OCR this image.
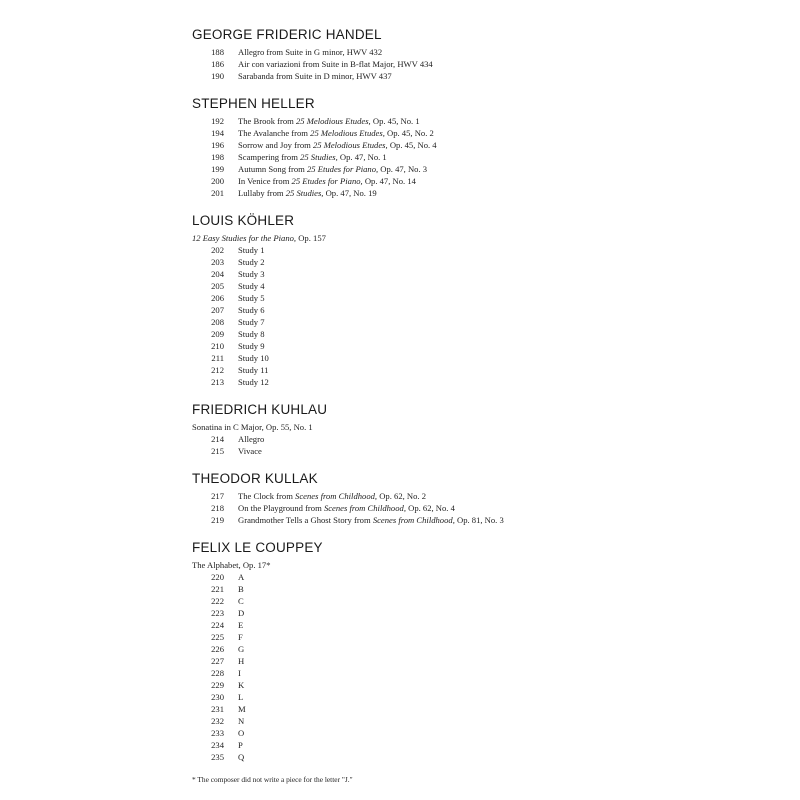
GEORGE FRIDERIC HANDEL
188 Allegro from Suite in G minor, HWV 432
186 Air con variazioni from Suite in B-flat Major, HWV 434
190 Sarabanda from Suite in D minor, HWV 437
STEPHEN HELLER
192 The Brook from 25 Melodious Etudes, Op. 45, No. 1
194 The Avalanche from 25 Melodious Etudes, Op. 45, No. 2
196 Sorrow and Joy from 25 Melodious Etudes, Op. 45, No. 4
198 Scampering from 25 Studies, Op. 47, No. 1
199 Autumn Song from 25 Etudes for Piano, Op. 47, No. 3
200 In Venice from 25 Etudes for Piano, Op. 47, No. 14
201 Lullaby from 25 Studies, Op. 47, No. 19
LOUIS KÖHLER
12 Easy Studies for the Piano, Op. 157
202 Study 1
203 Study 2
204 Study 3
205 Study 4
206 Study 5
207 Study 6
208 Study 7
209 Study 8
210 Study 9
211 Study 10
212 Study 11
213 Study 12
FRIEDRICH KUHLAU
Sonatina in C Major, Op. 55, No. 1
214 Allegro
215 Vivace
THEODOR KULLAK
217 The Clock from Scenes from Childhood, Op. 62, No. 2
218 On the Playground from Scenes from Childhood, Op. 62, No. 4
219 Grandmother Tells a Ghost Story from Scenes from Childhood, Op. 81, No. 3
FELIX LE COUPPEY
The Alphabet, Op. 17*
220 A
221 B
222 C
223 D
224 E
225 F
226 G
227 H
228 I
229 K
230 L
231 M
232 N
233 O
234 P
235 Q
* The composer did not write a piece for the letter "J."
